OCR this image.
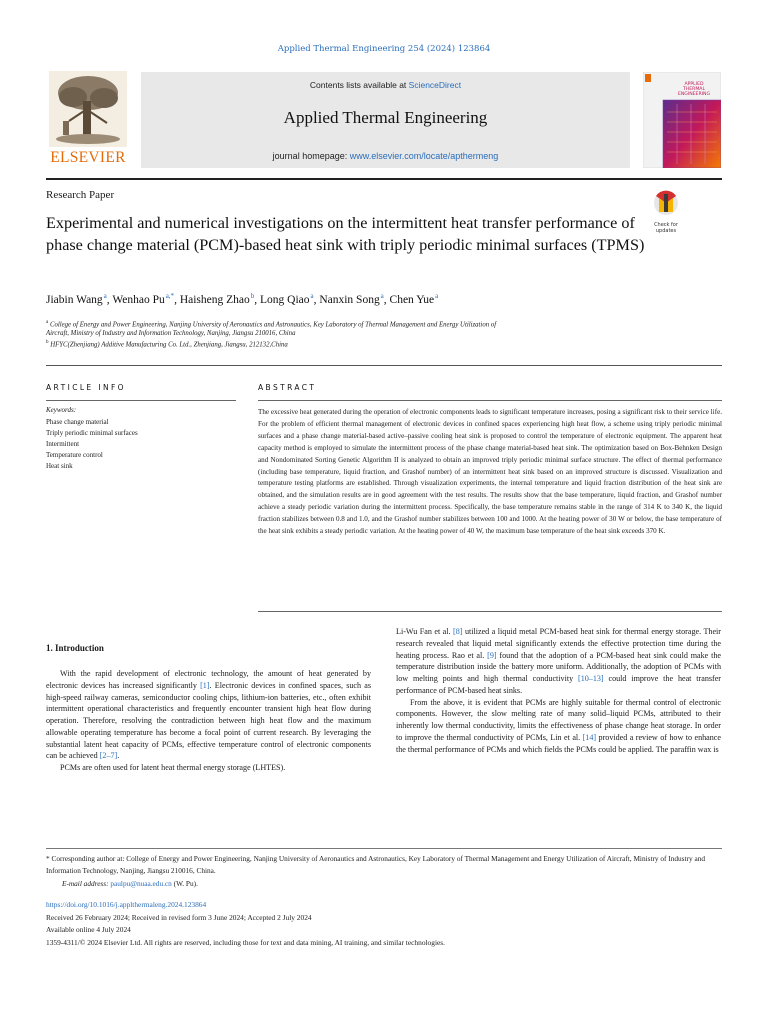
Applied Thermal Engineering 254 (2024) 123864
ELSEVIER
Contents lists available at ScienceDirect
Applied Thermal Engineering
journal homepage: www.elsevier.com/locate/apthermeng
APPLIED
THERMAL
ENGINEERING
Research Paper
Check for
updates
Experimental and numerical investigations on the intermittent heat transfer performance of phase change material (PCM)-based heat sink with triply periodic minimal surfaces (TPMS)
Jiabin Wang $^a$, Wenhao Pu $^{a,*}$, Haisheng Zhao $^b$, Long Qiao $^a$, Nanxin Song $^a$, Chen Yue $^a$
$^a$ College of Energy and Power Engineering, Nanjing University of Aeronautics and Astronautics, Key Laboratory of Thermal Management and Energy Utilization of
Aircraft, Ministry of Industry and Information Technology, Nanjing, Jiangsu 210016, China
$^b$ HFYC(Zhenjiang) Additive Manufacturing Co. Ltd., Zhenjiang, Jiangsu, 212132,China
ARTICLE INFO
Keywords:
Phase change material
Triply periodic minimal surfaces
Intermittent
Temperature control
Heat sink
ABSTRACT
The excessive heat generated during the operation of electronic components leads to significant temperature increases, posing a significant risk to their service life. For the problem of efficient thermal management of electronic devices in confined spaces experiencing high heat flow, a scheme using triply periodic minimal surfaces and a phase change material-based active–passive cooling heat sink is proposed to control the temperature of electronic equipment. The apparent heat capacity method is employed to simulate the intermittent process of the phase change material-based heat sink. The optimization based on Box-Behnken Design and Nondominated Sorting Genetic Algorithm II is analyzed to obtain an improved triply periodic minimal surface structure. The effect of thermal performance (including base temperature, liquid fraction, and Grashof number) of an intermittent heat sink based on an improved structure is discussed. Visualization and temperature testing platforms are established. Through visualization experiments, the internal temperature and liquid fraction distribution of the heat sink are obtained, and the simulation results are in good agreement with the test results. The results show that the base temperature, liquid fraction, and Grashof number achieve a steady periodic variation during the intermittent process. Specifically, the base temperature remains stable in the range of 314 K to 340 K, the liquid fraction stabilizes between 0.8 and 1.0, and the Grashof number stabilizes between 100 and 1000. At the heating power of 30 W or below, the base temperature of the heat sink exhibits a steady periodic variation. At the heating power of 40 W, the maximum base temperature of the heat sink exceeds 370 K.
1. Introduction

With the rapid development of electronic technology, the amount of heat generated by electronic devices has increased significantly [1]. Electronic devices in confined spaces, such as high-speed railway cameras, semiconductor cooling chips, lithium-ion batteries, etc., often exhibit intermittent operational characteristics and frequently encounter transient high heat flow during operation. Therefore, resolving the contradiction between high heat flow and the maximum allowable operating temperature has become a focal point of current research. By leveraging the substantial latent heat capacity of PCMs, effective temperature control of electronic components can be achieved [2–7].

PCMs are often used for latent heat thermal energy storage (LHTES).

Li-Wu Fan et al. [8] utilized a liquid metal PCM-based heat sink for thermal energy storage. Their research revealed that liquid metal significantly extends the effective protection time during the heating process. Rao et al. [9] found that the adoption of a PCM-based heat sink could make the temperature distribution inside the battery more uniform. Additionally, the adoption of PCMs with low melting points and high thermal conductivity [10–13] could improve the heat transfer performance of PCM-based heat sinks.

From the above, it is evident that PCMs are highly suitable for thermal control of electronic components. However, the slow melting rate of many solid–liquid PCMs, attributed to their inherently low thermal conductivity, limits the effectiveness of phase change heat storage. In order to improve the thermal conductivity of PCMs, Lin et al. [14] provided a review of how to enhance the thermal performance of PCMs and which fields the PCMs could be applied. The paraffin wax is

* Corresponding author at: College of Energy and Power Engineering, Nanjing University of Aeronautics and Astronautics, Key Laboratory of Thermal Management and Energy Utilization of Aircraft, Ministry of Industry and Information Technology, Nanjing, Jiangsu 210016, China.
E-mail address: paulpu@nuaa.edu.cn (W. Pu).
https://doi.org/10.1016/j.applthermaleng.2024.123864
Received 26 February 2024; Received in revised form 3 June 2024; Accepted 2 July 2024
Available online 4 July 2024
1359-4311/© 2024 Elsevier Ltd. All rights are reserved, including those for text and data mining, AI training, and similar technologies.
